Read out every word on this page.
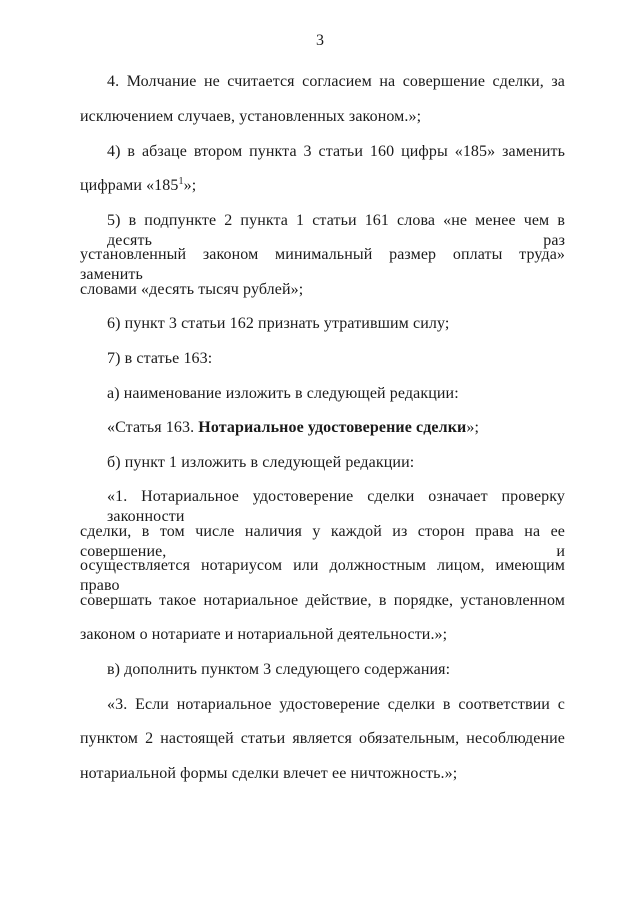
3
4. Молчание не считается согласием на совершение сделки, за
исключением случаев, установленных законом.»;
4) в абзаце втором пункта 3 статьи 160 цифры «185» заменить
цифрами «$185^1$»;
5) в подпункте 2 пункта 1 статьи 161 слова «не менее чем в десять раз
установленный законом минимальный размер оплаты труда» заменить
словами «десять тысяч рублей»;
6) пункт 3 статьи 162 признать утратившим силу;
7) в статье 163:
а) наименование изложить в следующей редакции:
«Статья 163. Нотариальное удостоверение сделки»;
б) пункт 1 изложить в следующей редакции:
«1. Нотариальное удостоверение сделки означает проверку законности
сделки, в том числе наличия у каждой из сторон права на ее совершение, и
осуществляется нотариусом или должностным лицом, имеющим право
совершать такое нотариальное действие, в порядке, установленном
законом о нотариате и нотариальной деятельности.»;
в) дополнить пунктом 3 следующего содержания:
«3. Если нотариальное удостоверение сделки в соответствии с
пунктом 2 настоящей статьи является обязательным, несоблюдение
нотариальной формы сделки влечет ее ничтожность.»;
